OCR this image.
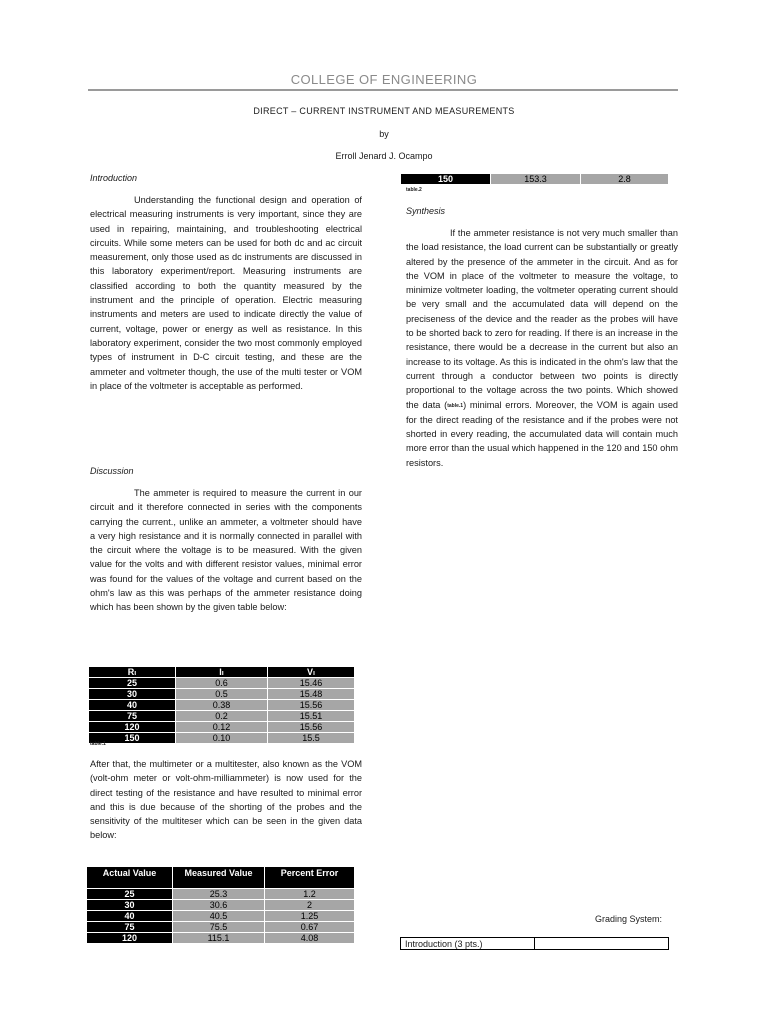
COLLEGE OF ENGINEERING
DIRECT – CURRENT INSTRUMENT AND MEASUREMENTS
by
Erroll Jenard J. Ocampo
Introduction
Understanding the functional design and operation of electrical measuring instruments is very important, since they are used in repairing, maintaining, and troubleshooting electrical circuits. While some meters can be used for both dc and ac circuit measurement, only those used as dc instruments are discussed in this laboratory experiment/report. Measuring instruments are classified according to both the quantity measured by the instrument and the principle of operation. Electric measuring instruments and meters are used to indicate directly the value of current, voltage, power or energy as well as resistance. In this laboratory experiment, consider the two most commonly employed types of instrument in D-C circuit testing, and these are the ammeter and voltmeter though, the use of the multi tester or VOM in place of the voltmeter is acceptable as performed.
Discussion
The ammeter is required to measure the current in our circuit and it therefore connected in series with the components carrying the current., unlike an ammeter, a voltmeter should have a very high resistance and it is normally connected in parallel with the circuit where the voltage is to be measured. With the given value for the volts and with different resistor values, minimal error was found for the values of the voltage and current based on the ohm's law as this was perhaps of the ammeter resistance doing which has been shown by the given table below:
Rₗ	Iₗ	Vₗ
25	0.6	15.46
30	0.5	15.48
40	0.38	15.56
75	0.2	15.51
120	0.12	15.56
150	0.10	15.5
table.1
After that, the multimeter or a multitester, also known as the VOM (volt-ohm meter or volt-ohm-milliammeter) is now used for the direct testing of the resistance and have resulted to minimal error and this is due because of the shorting of the probes and the sensitivity of the multiteser which can be seen in the given data below:
Actual Value	Measured Value	Percent Error
25	25.3	1.2
30	30.6	2
40	40.5	1.25
75	75.5	0.67
120	115.1	4.08
150	153.3	2.8
table.2
Synthesis
If the ammeter resistance is not very much smaller than the load resistance, the load current can be substantially or greatly altered by the presence of the ammeter in the circuit. And as for the VOM in place of the voltmeter to measure the voltage, to minimize voltmeter loading, the voltmeter operating current should be very small and the accumulated data will depend on the preciseness of the device and the reader as the probes will have to be shorted back to zero for reading. If there is an increase in the resistance, there would be a decrease in the current but also an increase to its voltage. As this is indicated in the ohm's law that the current through a conductor between two points is directly proportional to the voltage across the two points. Which showed the data (table.1) minimal errors. Moreover, the VOM is again used for the direct reading of the resistance and if the probes were not shorted in every reading, the accumulated data will contain much more error than the usual which happened in the 120 and 150 ohm resistors.
Grading System:
Introduction (3 pts.)	
